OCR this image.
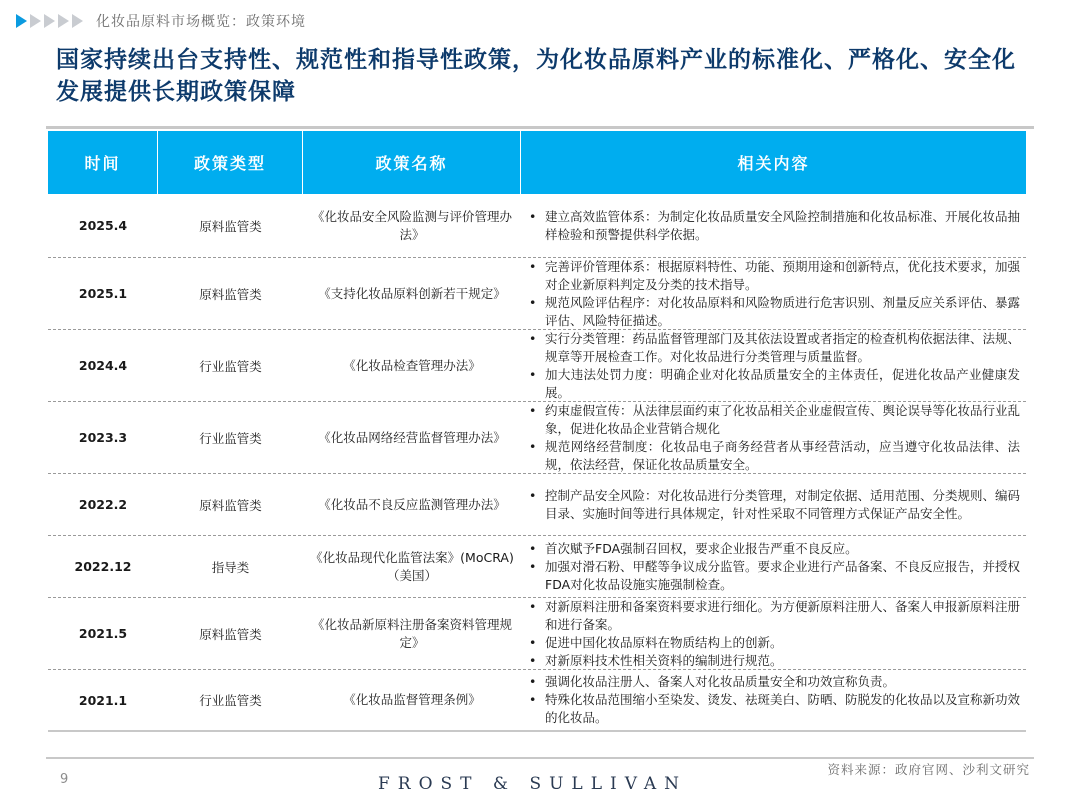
化妆品原料市场概览：政策环境
国家持续出台支持性、规范性和指导性政策，为化妆品原料产业的标准化、严格化、安全化发展提供长期政策保障
时间	政策类型	政策名称	相关内容
2025.4	原料监管类
《化妆品安全风险监测与评价管理办法》
• 建立高效监管体系：为制定化妆品质量安全风险控制措施和化妆品标准、开展化妆品抽样检验和预警提供科学依据。
2025.1	原料监管类	《支持化妆品原料创新若干规定》
• 完善评价管理体系：根据原料特性、功能、预期用途和创新特点，优化技术要求，加强对企业新原料判定及分类的技术指导。
• 规范风险评估程序：对化妆品原料和风险物质进行危害识别、剂量反应关系评估、暴露评估、风险特征描述。
2024.4	行业监管类	《化妆品检查管理办法》
• 实行分类管理：药品监督管理部门及其依法设置或者指定的检查机构依据法律、法规、规章等开展检查工作。对化妆品进行分类管理与质量监督。
• 加大违法处罚力度：明确企业对化妆品质量安全的主体责任，促进化妆品产业健康发展。
2023.3	行业监管类	《化妆品网络经营监督管理办法》
• 约束虚假宣传：从法律层面约束了化妆品相关企业虚假宣传、舆论误导等化妆品行业乱象，促进化妆品企业营销合规化
• 规范网络经营制度：化妆品电子商务经营者从事经营活动，应当遵守化妆品法律、法规，依法经营，保证化妆品质量安全。
2022.2	原料监管类	《化妆品不良反应监测管理办法》
• 控制产品安全风险：对化妆品进行分类管理，对制定依据、适用范围、分类规则、编码目录、实施时间等进行具体规定，针对性采取不同管理方式保证产品安全性。
2022.12	指导类
《化妆品现代化监管法案》(MoCRA)（美国）
• 首次赋予FDA强制召回权，要求企业报告严重不良反应。
• 加强对滑石粉、甲醛等争议成分监管。要求企业进行产品备案、不良反应报告，并授权FDA对化妆品设施实施强制检查。
2021.5	原料监管类
《化妆品新原料注册备案资料管理规定》
• 对新原料注册和备案资料要求进行细化。为方便新原料注册人、备案人申报新原料注册和进行备案。
• 促进中国化妆品原料在物质结构上的创新。
• 对新原料技术性相关资料的编制进行规范。
2021.1	行业监管类	《化妆品监督管理条例》
• 强调化妆品注册人、备案人对化妆品质量安全和功效宣称负责。
• 特殊化妆品范围缩小至染发、烫发、祛斑美白、防晒、防脱发的化妆品以及宣称新功效的化妆品。
9	FROST & SULLIVAN
资料来源：政府官网、沙利文研究
